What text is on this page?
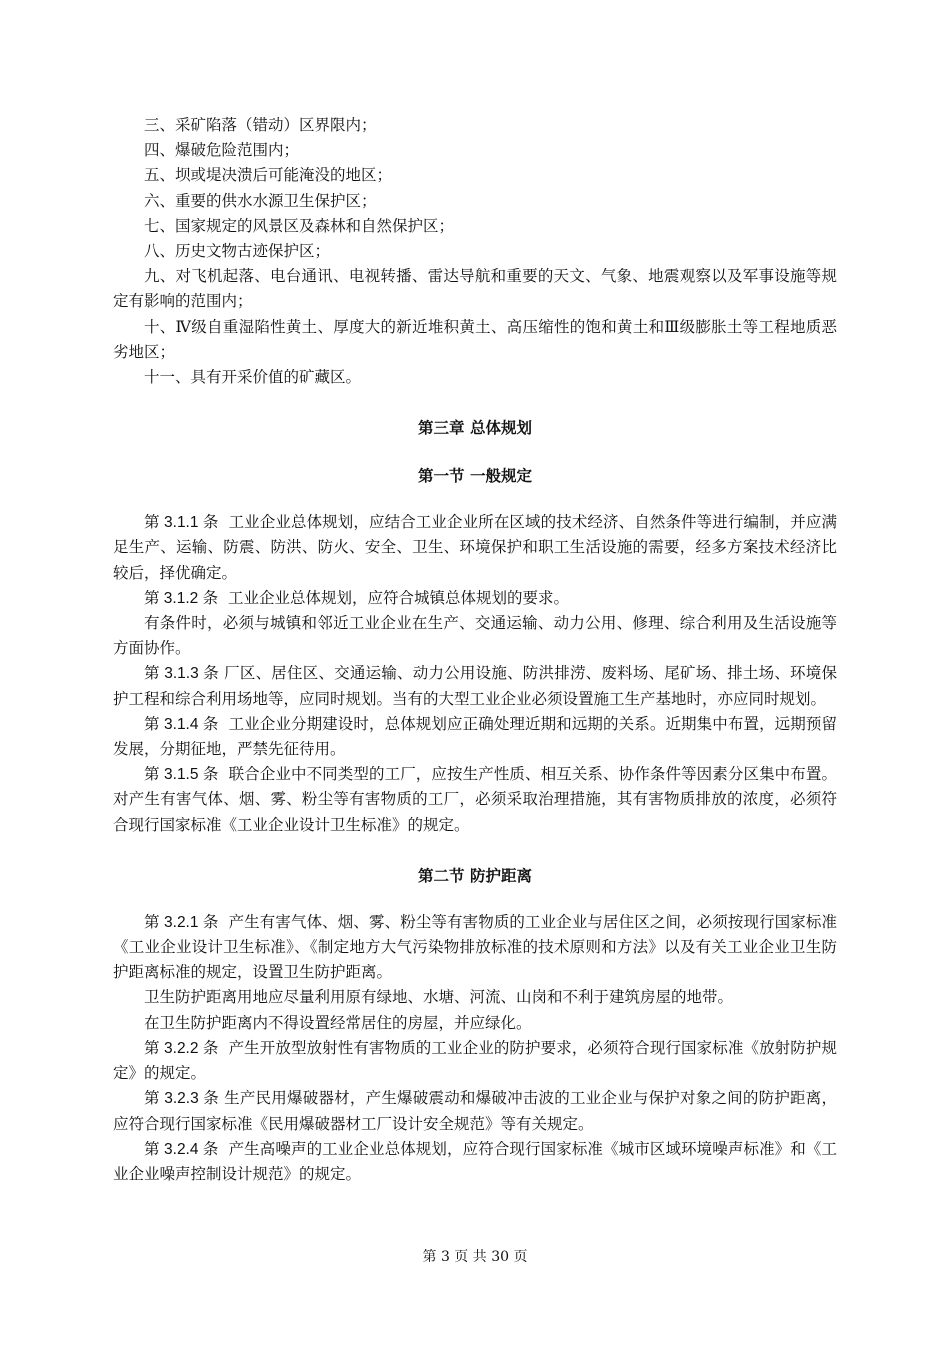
三、采矿陷落（错动）区界限内；

四、爆破危险范围内；

五、坝或堤决溃后可能淹没的地区；

六、重要的供水水源卫生保护区；

七、国家规定的风景区及森林和自然保护区；

八、历史文物古迹保护区；

九、对飞机起落、电台通讯、电视转播、雷达导航和重要的天文、气象、地震观察以及军事设施等规定有影响的范围内；

十、Ⅳ级自重湿陷性黄土、厚度大的新近堆积黄土、高压缩性的饱和黄土和Ⅲ级膨胀土等工程地质恶劣地区；

十一、具有开采价值的矿藏区。

第三章 总体规划
第一节 一般规定

第 3.1.1 条 工业企业总体规划，应结合工业企业所在区域的技术经济、自然条件等进行编制，并应满足生产、运输、防震、防洪、防火、安全、卫生、环境保护和职工生活设施的需要，经多方案技术经济比较后，择优确定。

第 3.1.2 条 工业企业总体规划，应符合城镇总体规划的要求。

有条件时，必须与城镇和邻近工业企业在生产、交通运输、动力公用、修理、综合利用及生活设施等方面协作。

第 3.1.3 条 厂区、居住区、交通运输、动力公用设施、防洪排涝、废料场、尾矿场、排土场、环境保护工程和综合利用场地等，应同时规划。当有的大型工业企业必须设置施工生产基地时，亦应同时规划。

第 3.1.4 条 工业企业分期建设时，总体规划应正确处理近期和远期的关系。近期集中布置，远期预留发展，分期征地，严禁先征待用。

第 3.1.5 条 联合企业中不同类型的工厂，应按生产性质、相互关系、协作条件等因素分区集中布置。对产生有害气体、烟、雾、粉尘等有害物质的工厂，必须采取治理措施，其有害物质排放的浓度，必须符合现行国家标准《工业企业设计卫生标准》的规定。

第二节 防护距离

第 3.2.1 条 产生有害气体、烟、雾、粉尘等有害物质的工业企业与居住区之间，必须按现行国家标准《工业企业设计卫生标准》、《制定地方大气污染物排放标准的技术原则和方法》以及有关工业企业卫生防护距离标准的规定，设置卫生防护距离。

卫生防护距离用地应尽量利用原有绿地、水塘、河流、山岗和不利于建筑房屋的地带。

在卫生防护距离内不得设置经常居住的房屋，并应绿化。

第 3.2.2 条 产生开放型放射性有害物质的工业企业的防护要求，必须符合现行国家标准《放射防护规定》的规定。

第 3.2.3 条 生产民用爆破器材，产生爆破震动和爆破冲击波的工业企业与保护对象之间的防护距离，应符合现行国家标准《民用爆破器材工厂设计安全规范》等有关规定。

第 3.2.4 条 产生高噪声的工业企业总体规划，应符合现行国家标准《城市区域环境噪声标准》和《工业企业噪声控制设计规范》的规定。

第 3 页 共 30 页
